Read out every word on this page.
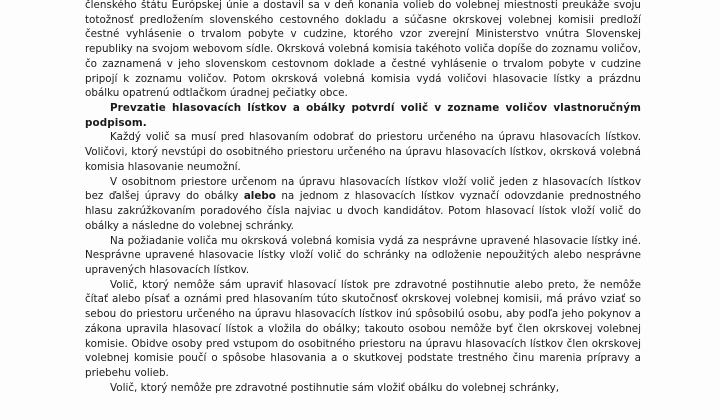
členského štátu Európskej únie a dostavil sa v deň konania volieb do volebnej miestnosti preukáže svoju totožnosť predložením slovenského cestovného dokladu a súčasne okrskovej volebnej komisii predloží čestné vyhlásenie o trvalom pobyte v cudzine, ktorého vzor zverejní Ministerstvo vnútra Slovenskej republiky na svojom webovom sídle. Okrsková volebná komisia takéhoto voliča dopíše do zoznamu voličov, čo zaznamená v jeho slovenskom cestovnom doklade a čestné vyhlásenie o trvalom pobyte v cudzine pripojí k zoznamu voličov. Potom okrsková volebná komisia vydá voličovi hlasovacie lístky a prázdnu obálku opatrenú odtlačkom úradnej pečiatky obce.

Prevzatie hlasovacích lístkov a obálky potvrdí volič v zozname voličov vlastnoručným podpisom.

Každý volič sa musí pred hlasovaním odobrať do priestoru určeného na úpravu hlasovacích lístkov. Voličovi, ktorý nevstúpi do osobitného priestoru určeného na úpravu hlasovacích lístkov, okrsková volebná komisia hlasovanie neumožní.

V osobitnom priestore určenom na úpravu hlasovacích lístkov vloží volič jeden z hlasovacích lístkov bez ďalšej úpravy do obálky alebo na jednom z hlasovacích lístkov vyznačí odovzdanie prednostného hlasu zakrúžkovaním poradového čísla najviac u dvoch kandidátov. Potom hlasovací lístok vloží volič do obálky a následne do volebnej schránky.

Na požiadanie voliča mu okrsková volebná komisia vydá za nesprávne upravené hlasovacie lístky iné. Nesprávne upravené hlasovacie lístky vloží volič do schránky na odloženie nepoužitých alebo nesprávne upravených hlasovacích lístkov.

Volič, ktorý nemôže sám upraviť hlasovací lístok pre zdravotné postihnutie alebo preto, že nemôže čítať alebo písať a oznámi pred hlasovaním túto skutočnosť okrskovej volebnej komisii, má právo vziať so sebou do priestoru určeného na úpravu hlasovacích lístkov inú spôsobilú osobu, aby podľa jeho pokynov a zákona upravila hlasovací lístok a vložila do obálky; takouto osobou nemôže byť člen okrskovej volebnej komisie. Obidve osoby pred vstupom do osobitného priestoru na úpravu hlasovacích lístkov člen okrskovej volebnej komisie poučí o spôsobe hlasovania a o skutkovej podstate trestného činu marenia prípravy a priebehu volieb.

Volič, ktorý nemôže pre zdravotné postihnutie sám vložiť obálku do volebnej schránky,
